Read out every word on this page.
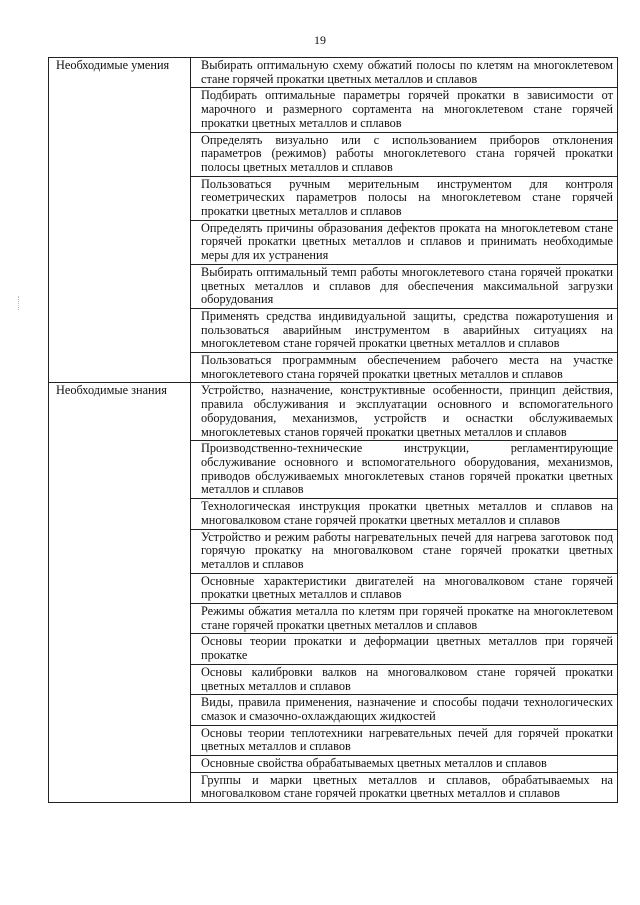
19
Необходимые умения	Выбирать оптимальную схему обжатий полосы по клетям на многоклетевом стане горячей прокатки цветных металлов и сплавов
	Подбирать оптимальные параметры горячей прокатки в зависимости от марочного и размерного сортамента на многоклетевом стане горячей прокатки цветных металлов и сплавов
	Определять визуально или с использованием приборов отклонения параметров (режимов) работы многоклетевого стана горячей прокатки полосы цветных металлов и сплавов
	Пользоваться ручным мерительным инструментом для контроля геометрических параметров полосы на многоклетевом стане горячей прокатки цветных металлов и сплавов
	Определять причины образования дефектов проката на многоклетевом стане горячей прокатки цветных металлов и сплавов и принимать необходимые меры для их устранения
	Выбирать оптимальный темп работы многоклетевого стана горячей прокатки цветных металлов и сплавов для обеспечения максимальной загрузки оборудования
	Применять средства индивидуальной защиты, средства пожаротушения и пользоваться аварийным инструментом в аварийных ситуациях на многоклетевом стане горячей прокатки цветных металлов и сплавов
	Пользоваться программным обеспечением рабочего места на участке многоклетевого стана горячей прокатки цветных металлов и сплавов
Необходимые знания	Устройство, назначение, конструктивные особенности, принцип действия, правила обслуживания и эксплуатации основного и вспомогательного оборудования, механизмов, устройств и оснастки обслуживаемых многоклетевых станов горячей прокатки цветных металлов и сплавов
	Производственно-технические инструкции, регламентирующие обслуживание основного и вспомогательного оборудования, механизмов, приводов обслуживаемых многоклетевых станов горячей прокатки цветных металлов и сплавов
	Технологическая инструкция прокатки цветных металлов и сплавов на многовалковом стане горячей прокатки цветных металлов и сплавов
	Устройство и режим работы нагревательных печей для нагрева заготовок под горячую прокатку на многовалковом стане горячей прокатки цветных металлов и сплавов
	Основные характеристики двигателей на многовалковом стане горячей прокатки цветных металлов и сплавов
	Режимы обжатия металла по клетям при горячей прокатке на многоклетевом стане горячей прокатки цветных металлов и сплавов
	Основы теории прокатки и деформации цветных металлов при горячей прокатке
	Основы калибровки валков на многовалковом стане горячей прокатки цветных металлов и сплавов
	Виды, правила применения, назначение и способы подачи технологических смазок и смазочно-охлаждающих жидкостей
	Основы теории теплотехники нагревательных печей для горячей прокатки цветных металлов и сплавов
	Основные свойства обрабатываемых цветных металлов и сплавов
	Группы и марки цветных металлов и сплавов, обрабатываемых на многовалковом стане горячей прокатки цветных металлов и сплавов
